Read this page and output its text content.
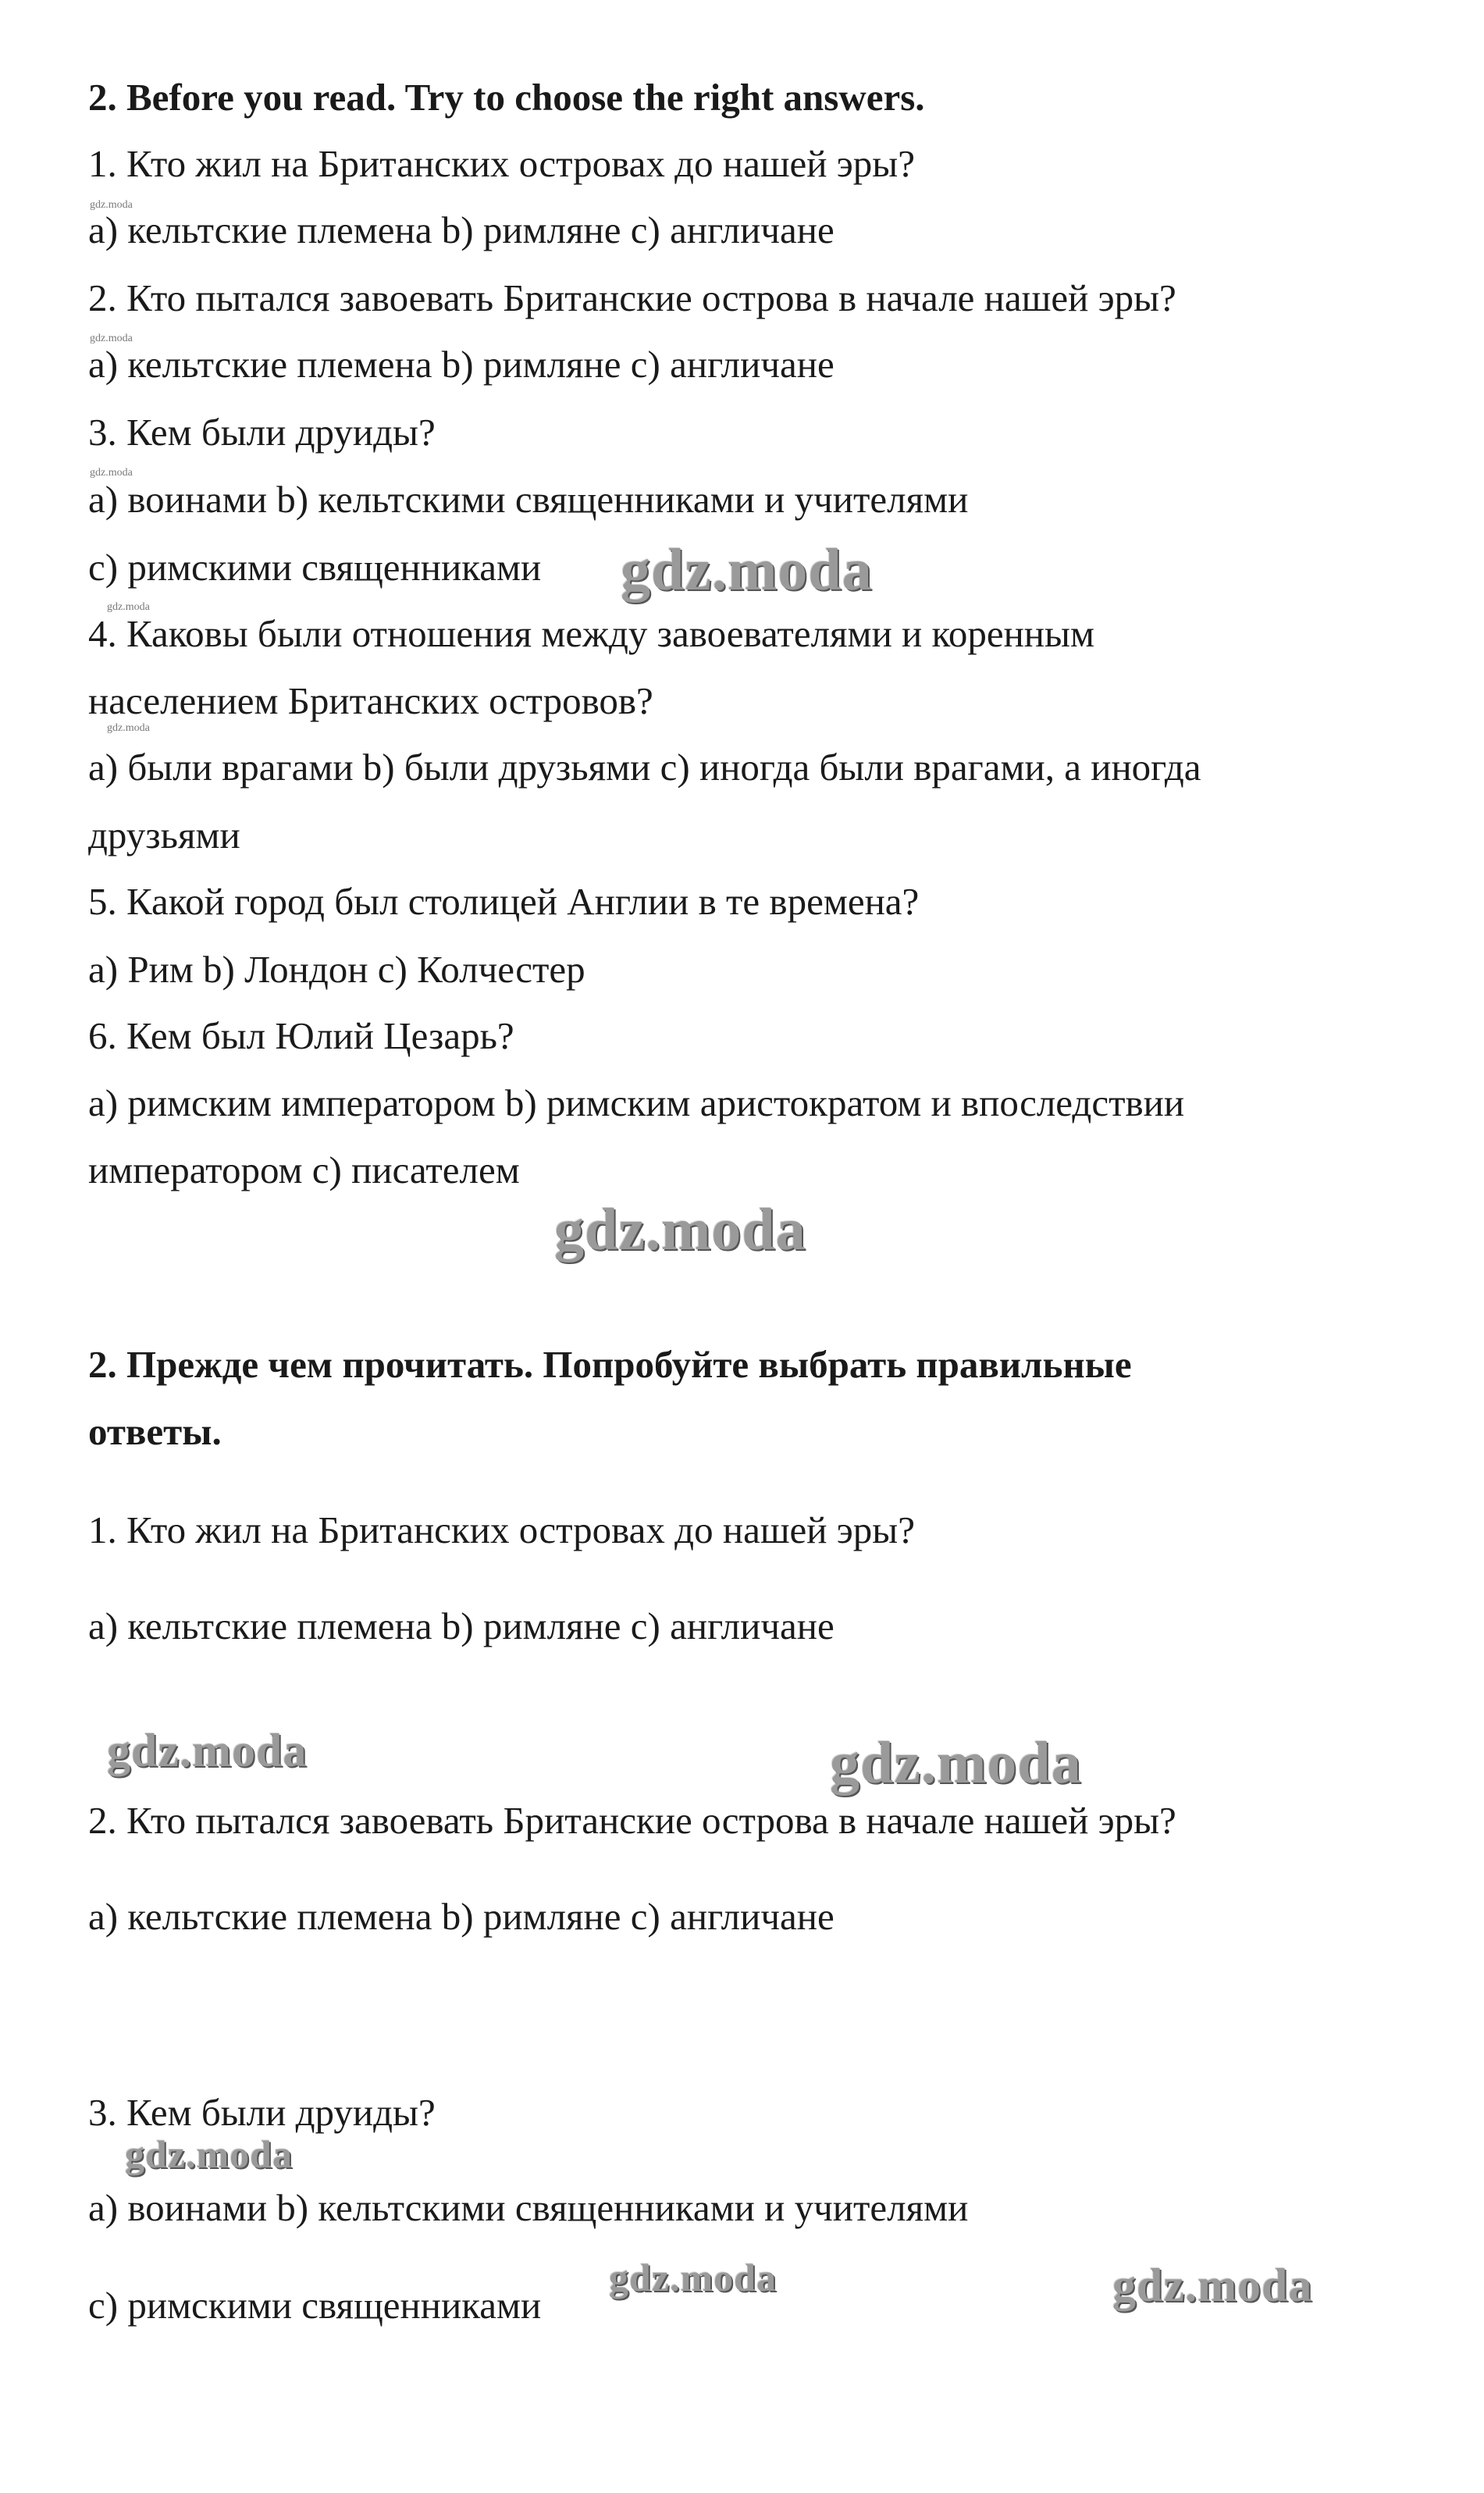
2. Before you read. Try to choose the right answers.

1. Кто жил на Британских островах до нашей эры?

gdz.moda

a) кельтские племена b) римляне c) англичане

2. Кто пытался завоевать Британские острова в начале нашей эры?

gdz.moda

a) кельтские племена b) римляне c) англичане

3. Кем были друиды?

gdz.moda

a) воинами b) кельтскими священниками и учителями

c) римскими священниками gdz.moda
gdz.moda

4. Каковы были отношения между завоевателями и коренным

населением Британских островов?

gdz.moda

a) были врагами b) были друзьями c) иногда были врагами, а иногда

друзьями

5. Какой город был столицей Англии в те времена?

a) Рим b) Лондон c) Колчестер

6. Кем был Юлий Цезарь?

a) римским императором b) римским аристократом и впоследствии

императором c) писателем

gdz.moda

2. Прежде чем прочитать. Попробуйте выбрать правильные

ответы.

1. Кто жил на Британских островах до нашей эры?

a) кельтские племена b) римляне c) англичане

gdz.moda	gdz.moda

2. Кто пытался завоевать Британские острова в начале нашей эры?

a) кельтские племена b) римляне c) англичане

3. Кем были друиды?

gdz.moda

a) воинами b) кельтскими священниками и учителями

gdz.moda	gdz.moda

c) римскими священниками
